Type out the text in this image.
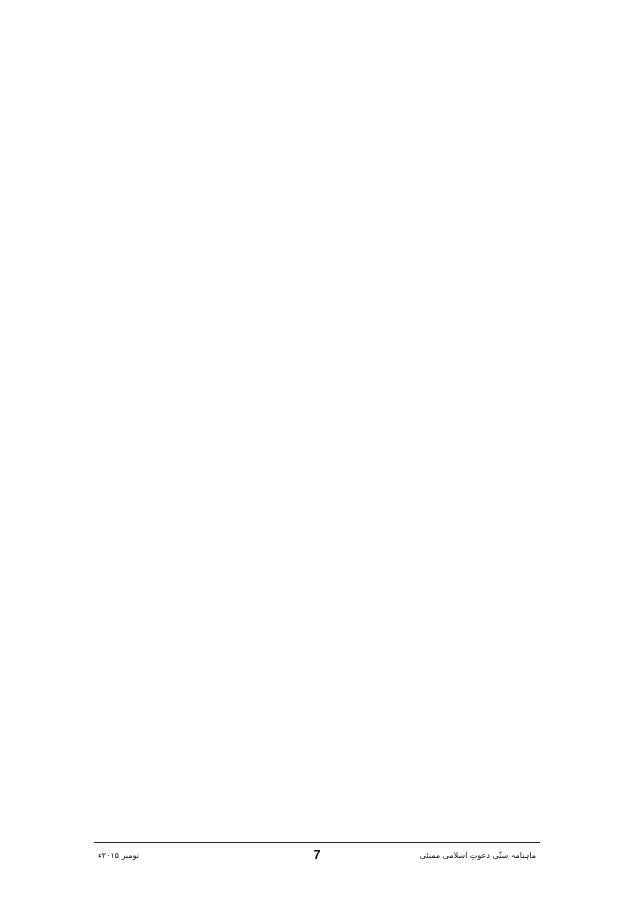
ماہنامہ سنّی دعوتِ اسلامی ممبئی
7
نومبر ۲۰۱۵ء
